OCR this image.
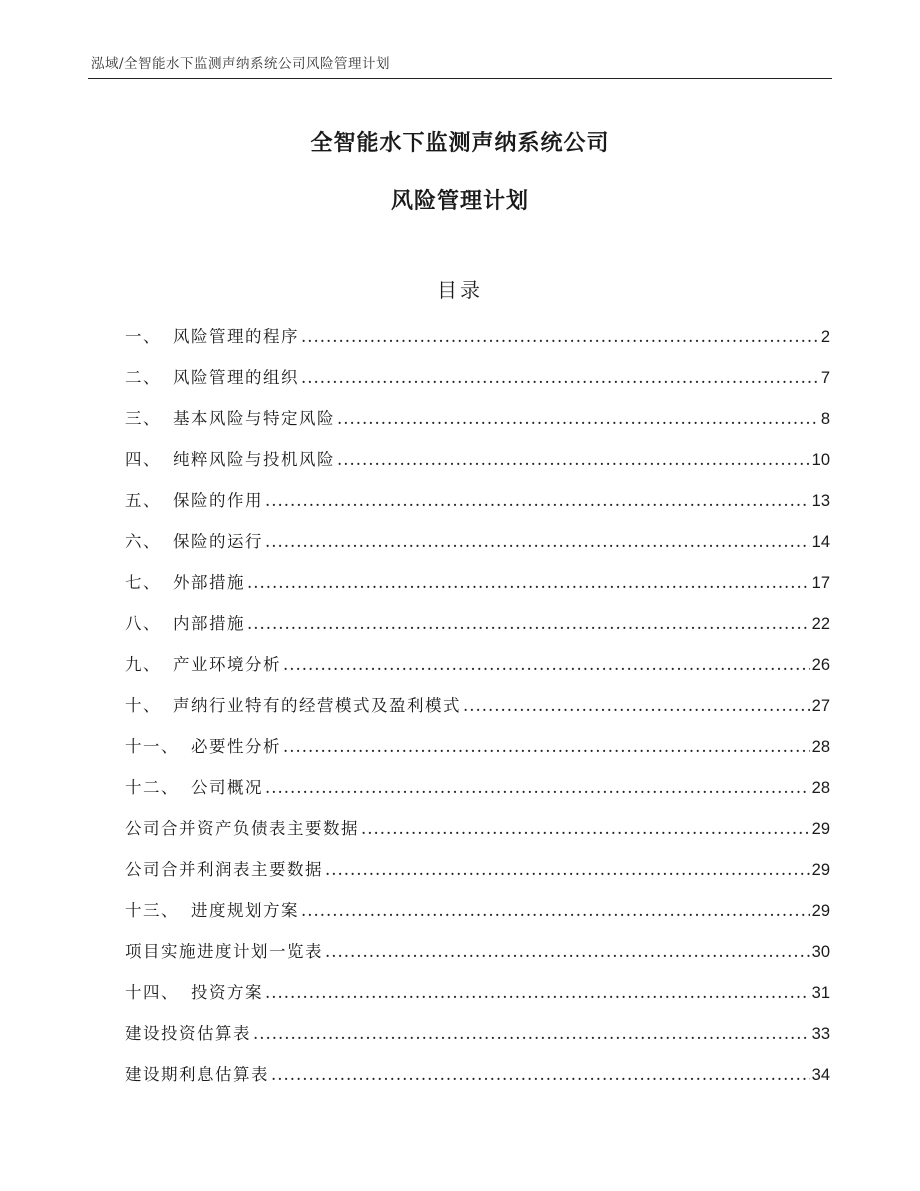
泓域/全智能水下监测声纳系统公司风险管理计划
全智能水下监测声纳系统公司
风险管理计划
目录
一、 风险管理的程序 .....	2
二、 风险管理的组织 .....	7
三、 基本风险与特定风险 .....	8
四、 纯粹风险与投机风险 .....	10
五、 保险的作用 .....	13
六、 保险的运行 .....	14
七、 外部措施 .....	17
八、 内部措施 .....	22
九、 产业环境分析 .....	26
十、 声纳行业特有的经营模式及盈利模式 .....	27
十一、 必要性分析 .....	28
十二、 公司概况 .....	28
公司合并资产负债表主要数据 .....	29
公司合并利润表主要数据 .....	29
十三、 进度规划方案 .....	29
项目实施进度计划一览表 .....	30
十四、 投资方案 .....	31
建设投资估算表 .....	33
建设期利息估算表 .....	34
